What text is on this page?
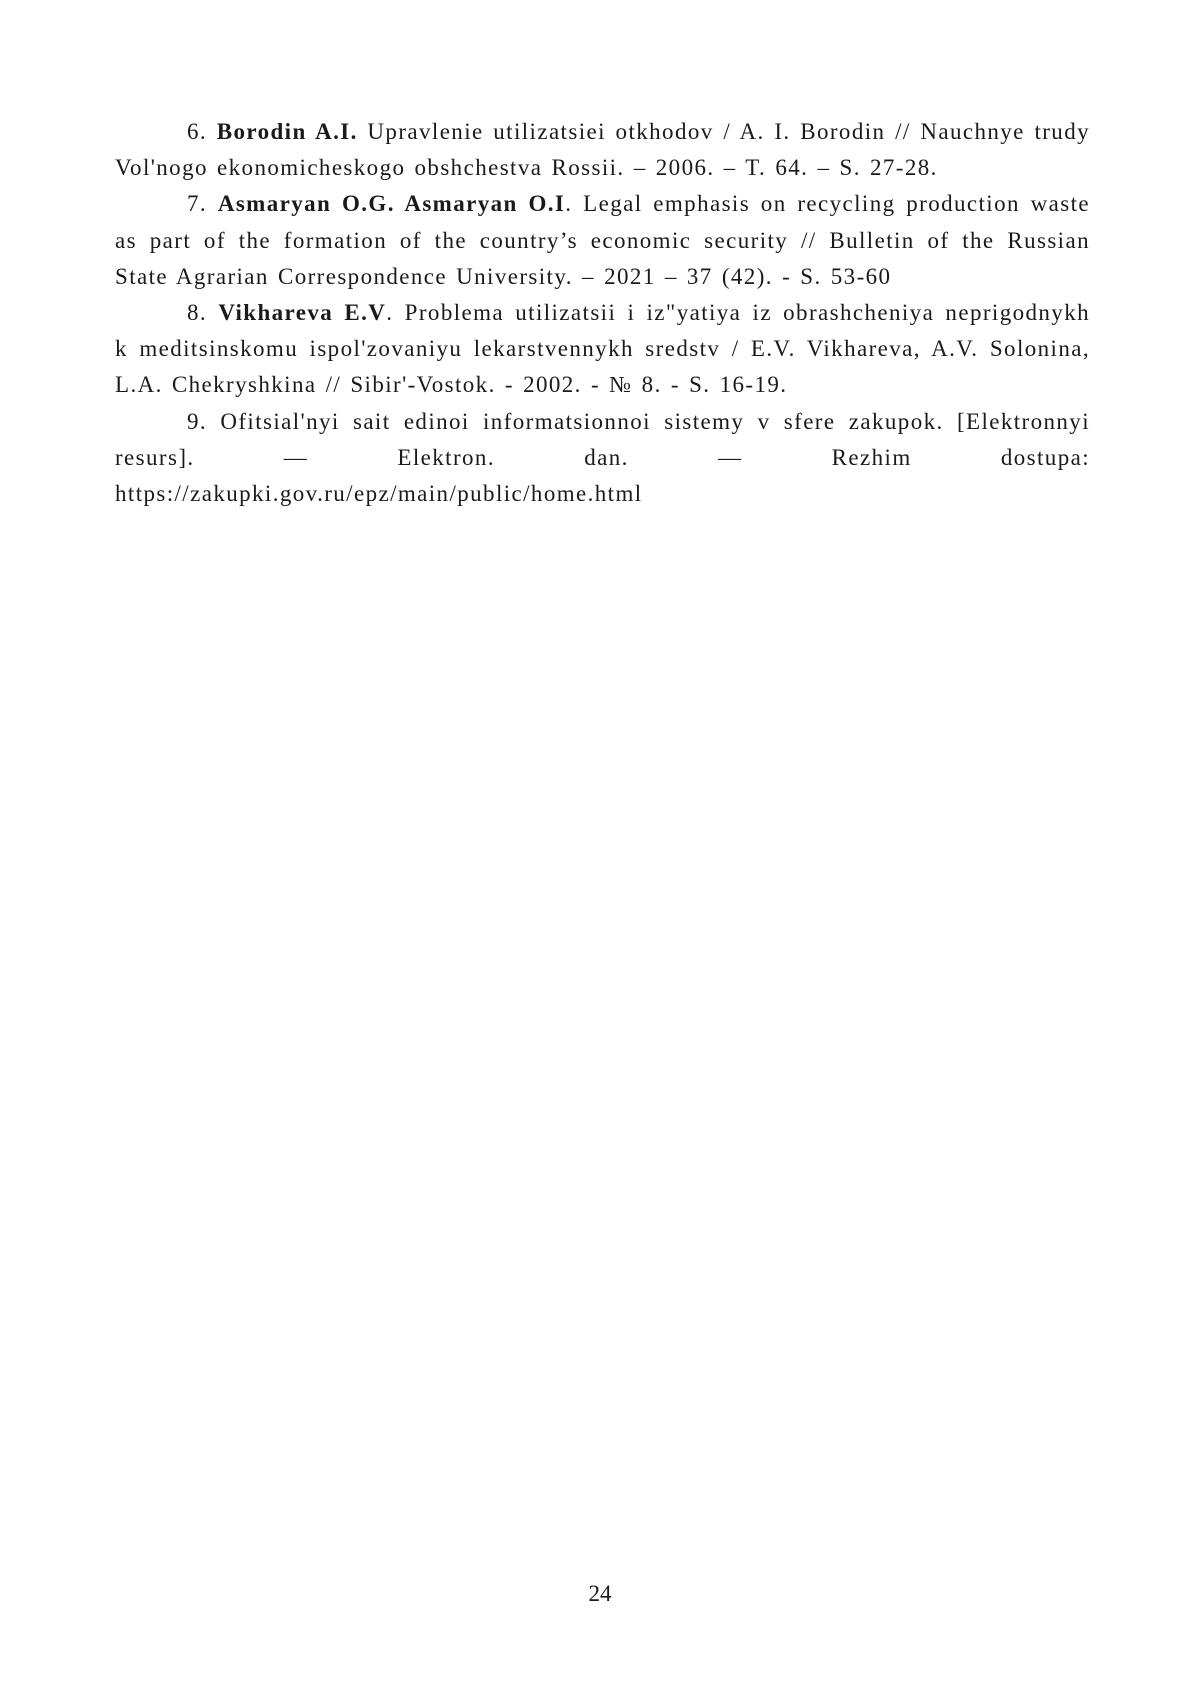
6. Borodin A.I. Upravlenie utilizatsiei otkhodov / A. I. Borodin // Nauchnye trudy Vol'nogo ekonomicheskogo obshchestva Rossii. – 2006. – T. 64. – S. 27-28.

7. Asmaryan O.G. Asmaryan O.I. Legal emphasis on recycling production waste as part of the formation of the country’s economic security // Bulletin of the Russian State Agrarian Correspondence University. – 2021 – 37 (42). - S. 53-60

8. Vikhareva E.V. Problema utilizatsii i iz"yatiya iz obrashcheniya neprigodnykh k meditsinskomu ispol'zovaniyu lekarstvennykh sredstv / E.V. Vikhareva, A.V. Solonina, L.A. Chekryshkina // Sibir'-Vostok. - 2002. - № 8. - S. 16-19.

9. Ofitsial'nyi sait edinoi informatsionnoi sistemy v sfere zakupok. [Elektronnyi resurs]. — Elektron. dan. — Rezhim dostupa: https://zakupki.gov.ru/epz/main/public/home.html

24
